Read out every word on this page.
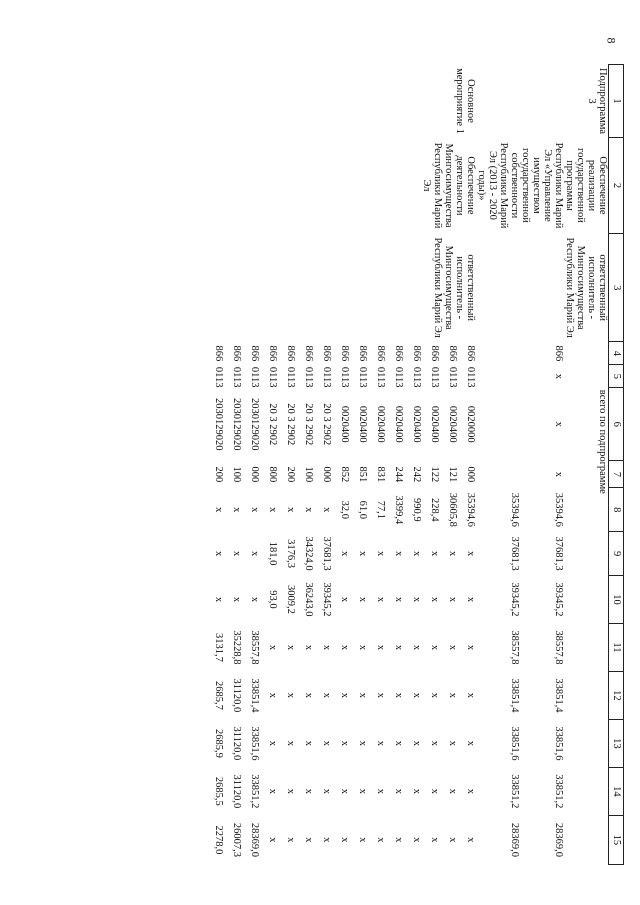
8
1	2	3	4	5	6	7	8	9	10	11	12	13	14	15
Подпрограмма 3	Обеспечение реализации государственной программы Республики Марий Эл «Управление имуществом государственной собственности Республики Марий Эл (2013 - 2020 годы)»	ответственный исполнитель - Мингосимущества Республики Марий Эл			всего по подпрограмме									
			866	х	х	х	35394,6	37681,3	39345,2	38557,8	33851,4	33851,6	33851,2	28369,0
							35394,6	37681,3	39345,2	38557,8	33851,4	33851,6	33851,2	28369,0
Основное мероприятие 1	Обеспечение деятельности Мингосимущества Республики Марий Эл	ответственный исполнитель - Мингосимущества Республики Марий Эл	866	0113	0020000	000	35394,6	х	х	х	х	х	х	х
			866	0113	0020400	121	30605,8	х	х	х	х	х	х	х
			866	0113	0020400	122	228,4	х	х	х	х	х	х	х
			866	0113	0020400	242	990,9	х	х	х	х	х	х	х
			866	0113	0020400	244	3399,4	х	х	х	х	х	х	х
			866	0113	0020400	831	77,1	х	х	х	х	х	х	х
			866	0113	0020400	851	61,0	х	х	х	х	х	х	х
			866	0113	0020400	852	32,0	х	х	х	х	х	х	х
			866	0113	20 3 2902	000	х	37681,3	39345,2	х	х	х	х	х
			866	0113	20 3 2902	100	х	34324,0	36243,0	х	х	х	х	х
			866	0113	20 3 2902	200	х	3176,3	3009,2	х	х	х	х	х
			866	0113	20 3 2902	800	х	181,0	93,0	х	х	х	х	х
			866	0113	2030129020	000	х	х	х	38557,8	33851,4	33851,6	33851,2	28369,0
			866	0113	2030129020	100	х	х	х	35228,8	31120,0	31120,0	31120,0	26007,3
			866	0113	2030129020	200	х	х	х	3131,7	2685,7	2685,9	2685,5	2278,0
